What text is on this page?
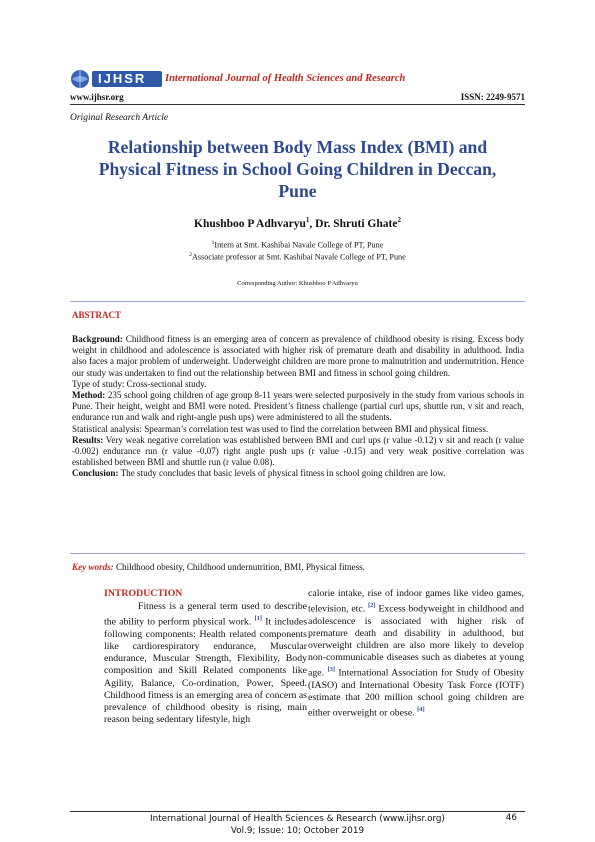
IJHSR International Journal of Health Sciences and Research
www.ijhsr.org	ISSN: 2249-9571
Original Research Article
Relationship between Body Mass Index (BMI) and Physical Fitness in School Going Children in Deccan, Pune
Khushboo P Adhvaryu$^1$, Dr. Shruti Ghate$^2$
$^1$Intern at Smt. Kashibai Navale College of PT, Pune
$^2$Associate professor at Smt. Kashibai Navale College of PT, Pune
Corresponding Author: Khushboo P Adhvaryu
ABSTRACT

Background: Childhood fitness is an emerging area of concern as prevalence of childhood obesity is rising. Excess body weight in childhood and adolescence is associated with higher risk of premature death and disability in adulthood. India also faces a major problem of underweight. Underweight children are more prone to malnutrition and undernutrition. Hence our study was undertaken to find out the relationship between BMI and fitness in school going children.

Type of study: Cross-sectional study.

Method: 235 school going children of age group 8-11 years were selected purposively in the study from various schools in Pune. Their height, weight and BMI were noted. President’s fitness challenge (partial curl ups, shuttle run, v sit and reach, endurance run and walk and right-angle push ups) were administered to all the students.

Statistical analysis: Spearman’s correlation test was used to find the correlation between BMI and physical fitness.

Results: Very weak negative correlation was established between BMI and curl ups (r value -0.12) v sit and reach (r value -0.002) endurance run (r value -0.07) right angle push ups (r value -0.15) and very weak positive correlation was established between BMI and shuttle run (r value 0.08).

Conclusion: The study concludes that basic levels of physical fitness in school going children are low.

Key words: Childhood obesity, Childhood undernutrition, BMI, Physical fitness.
INTRODUCTION

Fitness is a general term used to describe the ability to perform physical work. [1] It includes following components: Health related components like cardiorespiratory endurance, Muscular endurance, Muscular Strength, Flexibility, Body composition and Skill Related components like Agility, Balance, Co-ordination, Power, Speed. Childhood fitness is an emerging area of concern as prevalence of childhood obesity is rising, main reason being sedentary lifestyle, high

calorie intake, rise of indoor games like video games, television, etc. [2] Excess bodyweight in childhood and adolescence is associated with higher risk of premature death and disability in adulthood, but overweight children are also more likely to develop non-communicable diseases such as diabetes at young age. [3] International Association for Study of Obesity (IASO) and International Obesity Task Force (IOTF) estimate that 200 million school going children are either overweight or obese. [4]

International Journal of Health Sciences & Research (www.ijhsr.org)
Vol.9; Issue: 10; October 2019
46
